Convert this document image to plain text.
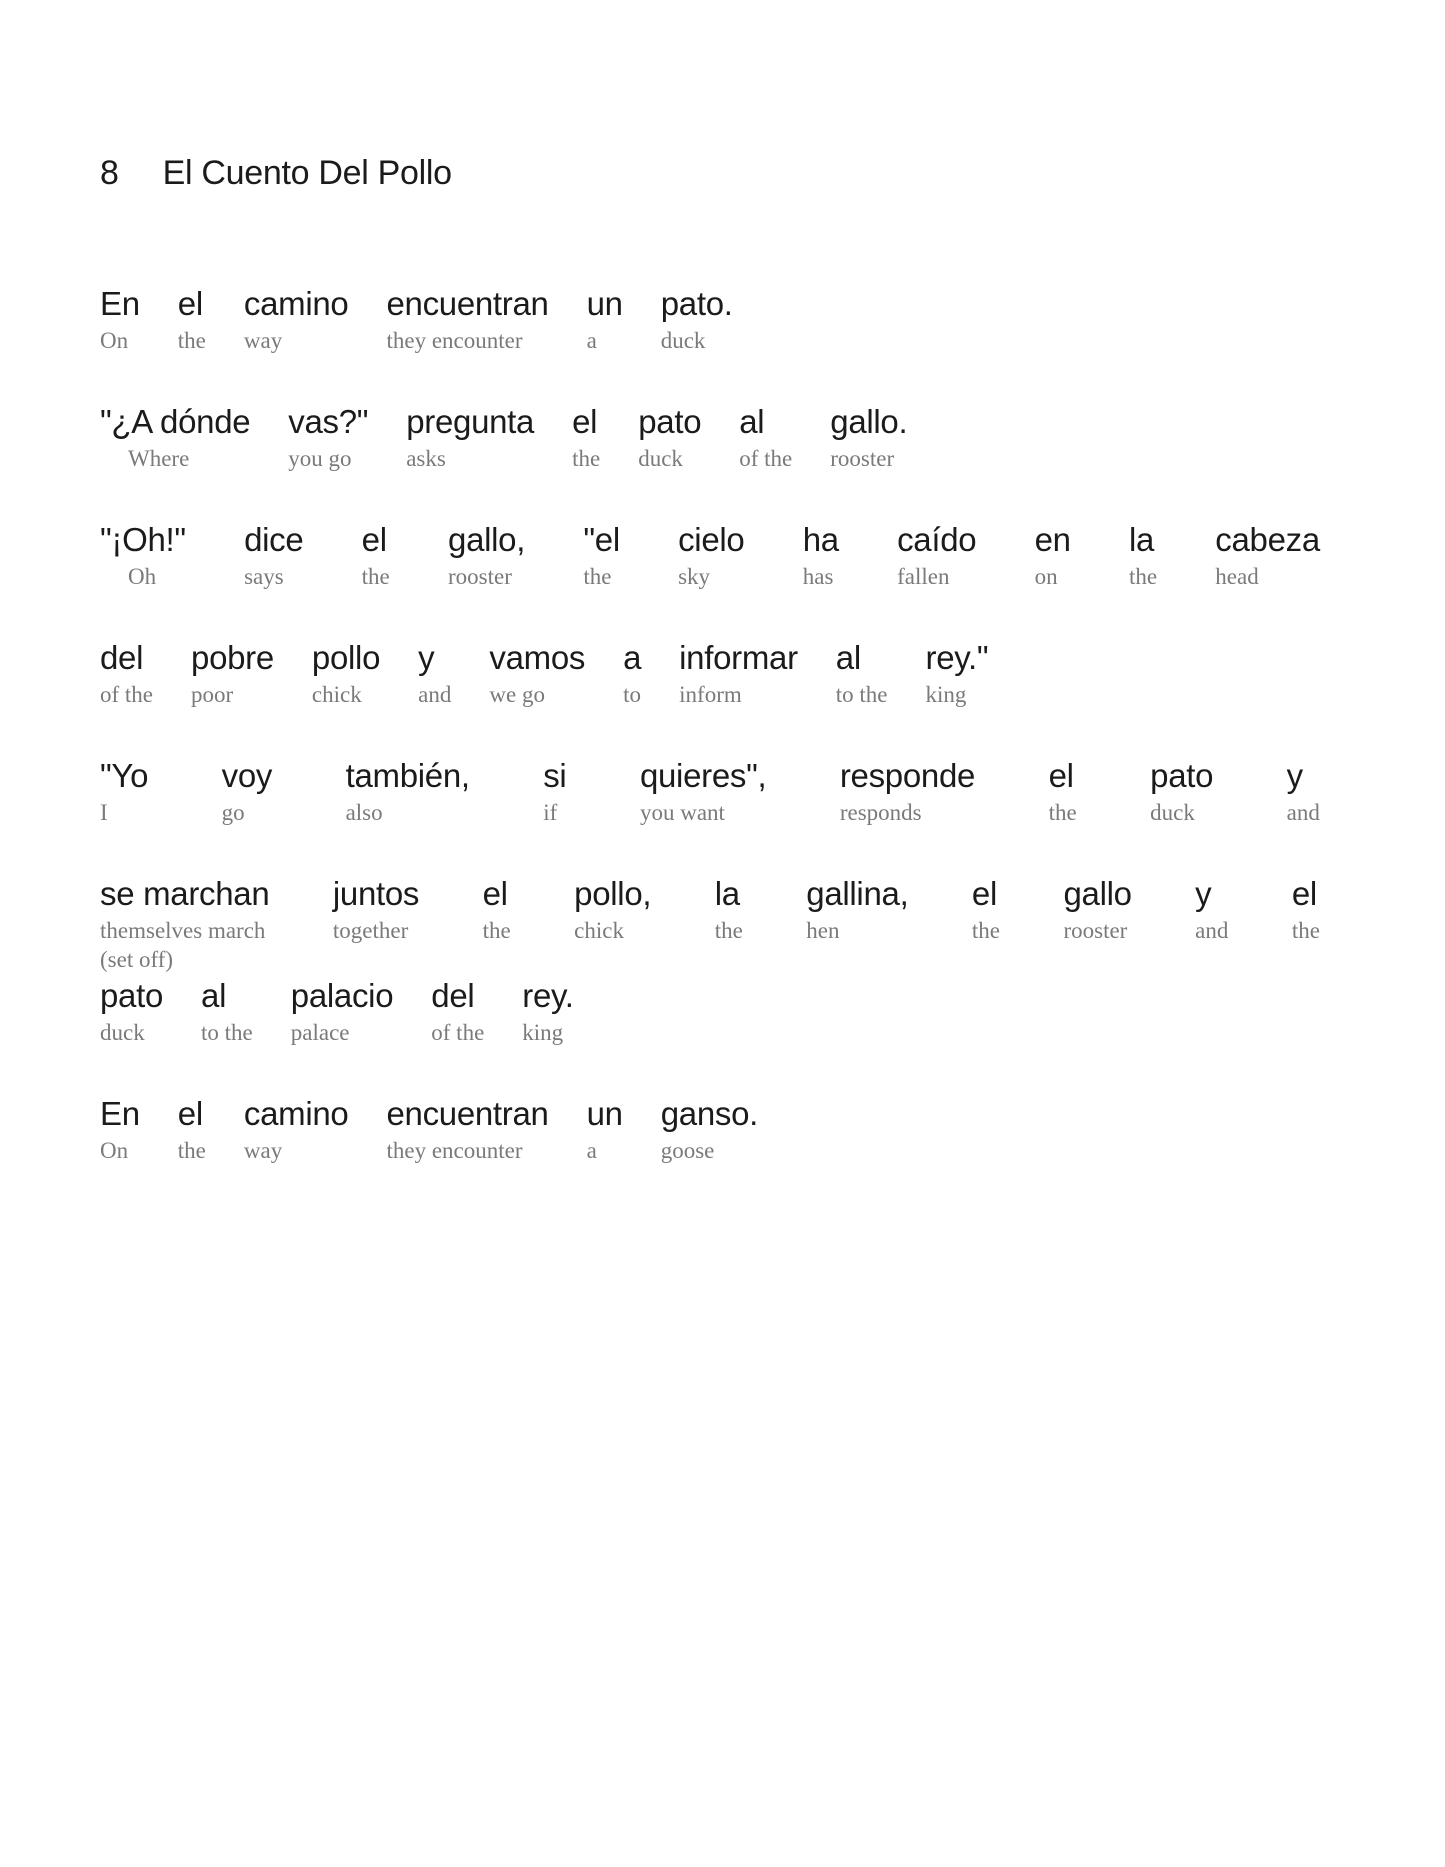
8 El Cuento Del Pollo
En
On
el
the
camino
way
encuentran
they encounter
un
a
pato.
duck
"¿A dónde
Where
vas?"
you go
pregunta
asks
el
the
pato
duck
al
of the
gallo.
rooster
"¡Oh!"
Oh
dice
says
el
the
gallo,
rooster
"el
the
cielo
sky
ha
has
caído
fallen
en
on
la
the
cabeza
head
del
of the
pobre
poor
pollo
chick
y
and
vamos
we go
a
to
informar
inform
al
to the
rey."
king
"Yo
I
voy
go
también,
also
si
if
quieres",
you want
responde
responds
el
the
pato
duck
y
and
se marchan
themselves march
(set off)
juntos
together
el
the
pollo,
chick
la
the
gallina,
hen
el
the
gallo
rooster
y
and
el
the
pato
duck
al
to the
palacio
palace
del
of the
rey.
king
En
On
el
the
camino
way
encuentran
they encounter
un
a
ganso.
goose
